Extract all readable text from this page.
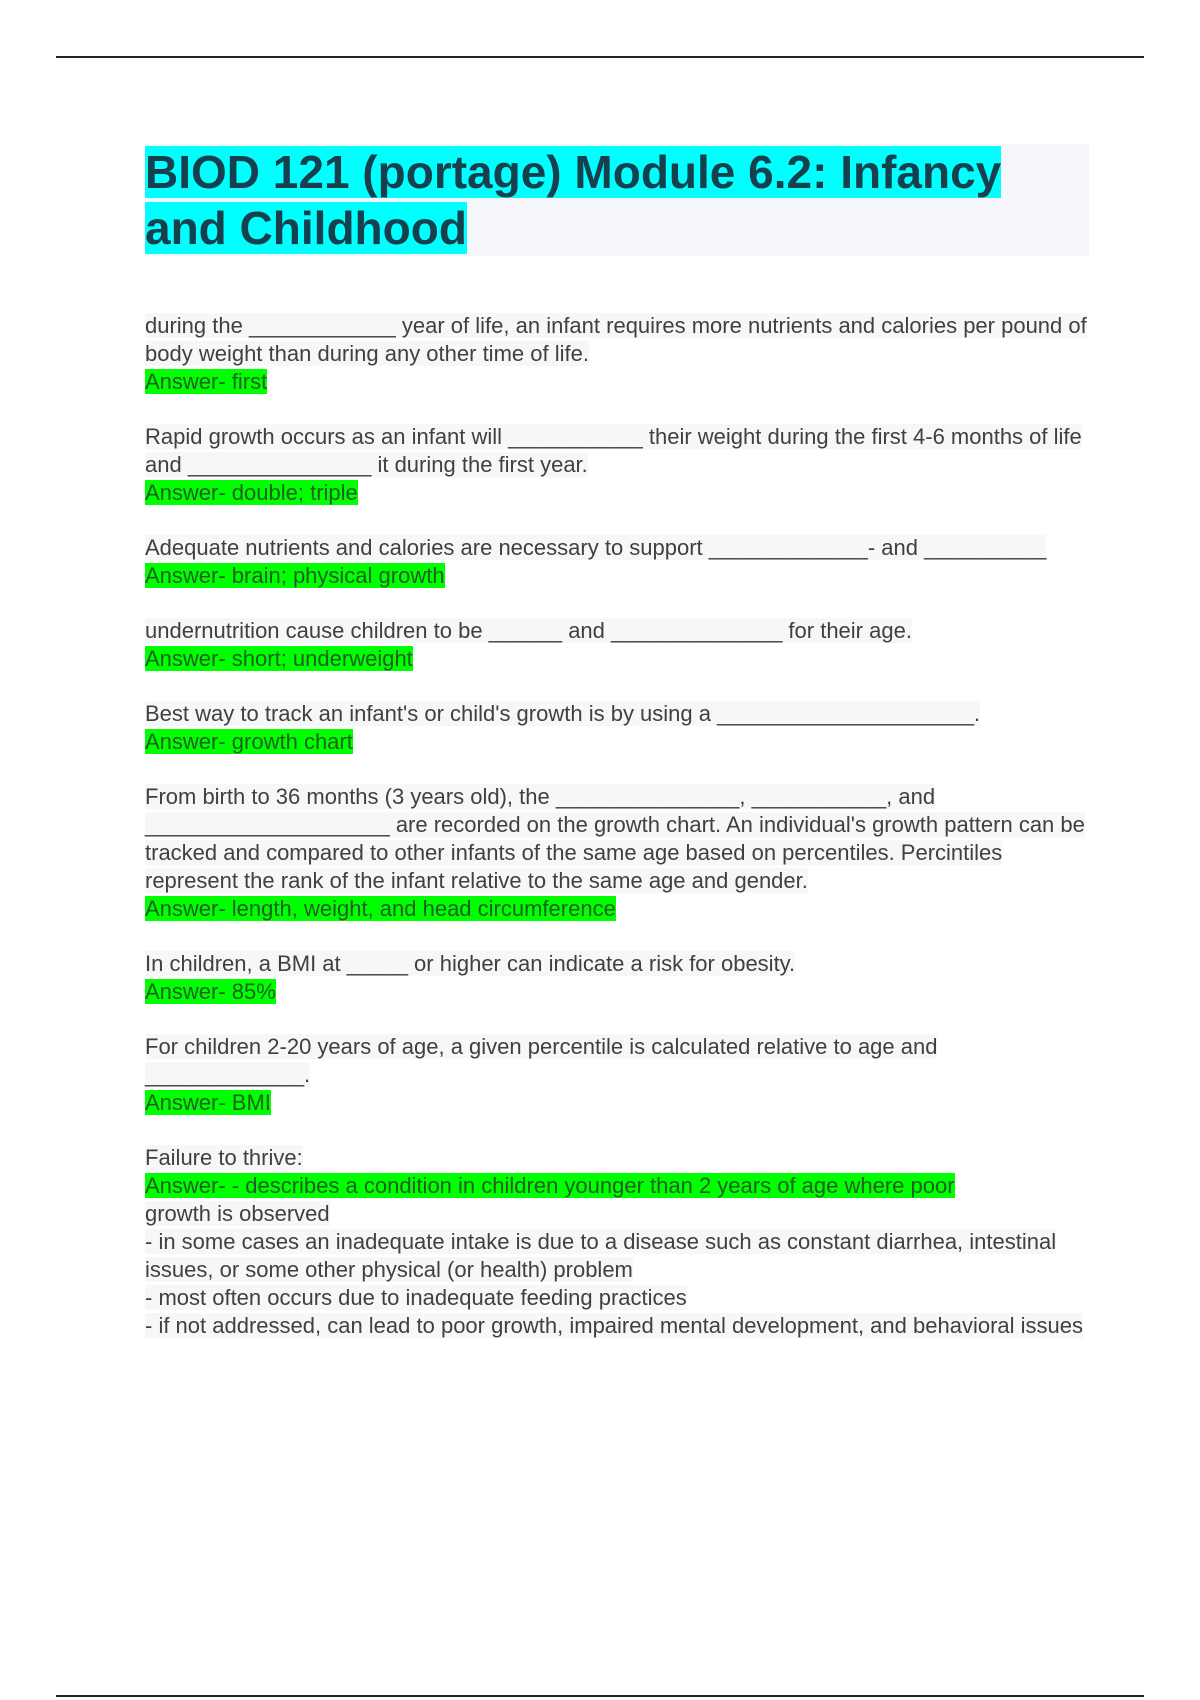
BIOD 121 (portage) Module 6.2: Infancy and Childhood
during the ____________ year of life, an infant requires more nutrients and calories per pound of body weight than during any other time of life.
Answer- first
Rapid growth occurs as an infant will ___________ their weight during the first 4-6 months of life and _______________ it during the first year.
Answer- double; triple
Adequate nutrients and calories are necessary to support _____________- and __________
Answer- brain; physical growth
undernutrition cause children to be ______ and ______________ for their age.
Answer- short; underweight
Best way to track an infant's or child's growth is by using a _____________________.
Answer- growth chart
From birth to 36 months (3 years old), the _______________, ___________, and ____________________ are recorded on the growth chart. An individual's growth pattern can be tracked and compared to other infants of the same age based on percentiles. Percintiles represent the rank of the infant relative to the same age and gender.
Answer- length, weight, and head circumference
In children, a BMI at _____ or higher can indicate a risk for obesity.
Answer- 85%
For children 2-20 years of age, a given percentile is calculated relative to age and _____________.
Answer- BMI
Failure to thrive:
Answer- - describes a condition in children younger than 2 years of age where poor
growth is observed
- in some cases an inadequate intake is due to a disease such as constant diarrhea, intestinal issues, or some other physical (or health) problem
- most often occurs due to inadequate feeding practices
- if not addressed, can lead to poor growth, impaired mental development, and behavioral issues
